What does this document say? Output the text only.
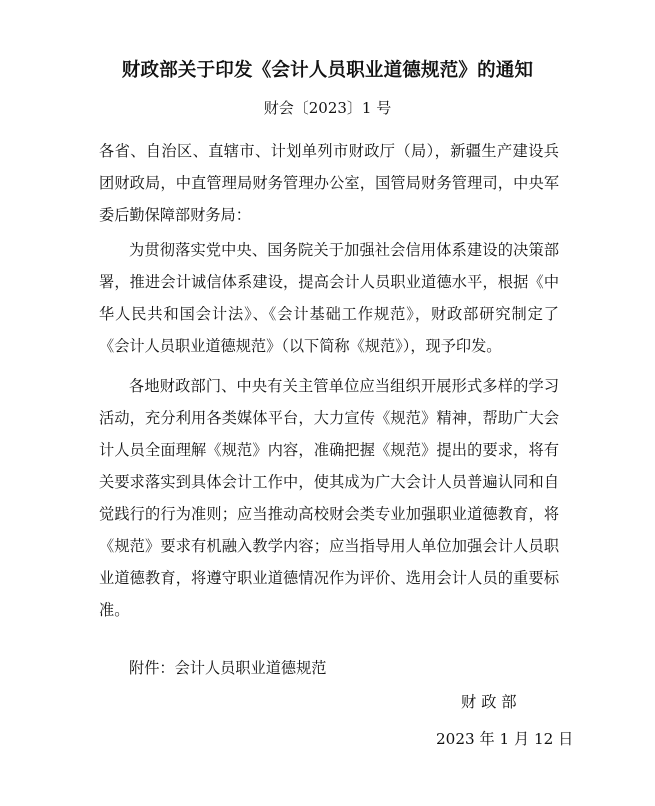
财政部关于印发《会计人员职业道德规范》的通知

财会〔2023〕1 号

各省、自治区、直辖市、计划单列市财政厅（局），新疆生产建设兵团财政局，中直管理局财务管理办公室，国管局财务管理司，中央军委后勤保障部财务局：

为贯彻落实党中央、国务院关于加强社会信用体系建设的决策部署，推进会计诚信体系建设，提高会计人员职业道德水平，根据《中华人民共和国会计法》、《会计基础工作规范》，财政部研究制定了《会计人员职业道德规范》（以下简称《规范》），现予印发。

各地财政部门、中央有关主管单位应当组织开展形式多样的学习活动，充分利用各类媒体平台，大力宣传《规范》精神，帮助广大会计人员全面理解《规范》内容，准确把握《规范》提出的要求，将有关要求落实到具体会计工作中，使其成为广大会计人员普遍认同和自觉践行的行为准则；应当推动高校财会类专业加强职业道德教育，将《规范》要求有机融入教学内容；应当指导用人单位加强会计人员职业道德教育，将遵守职业道德情况作为评价、选用会计人员的重要标准。

附件：会计人员职业道德规范

财政部

2023 年 1 月 12 日
